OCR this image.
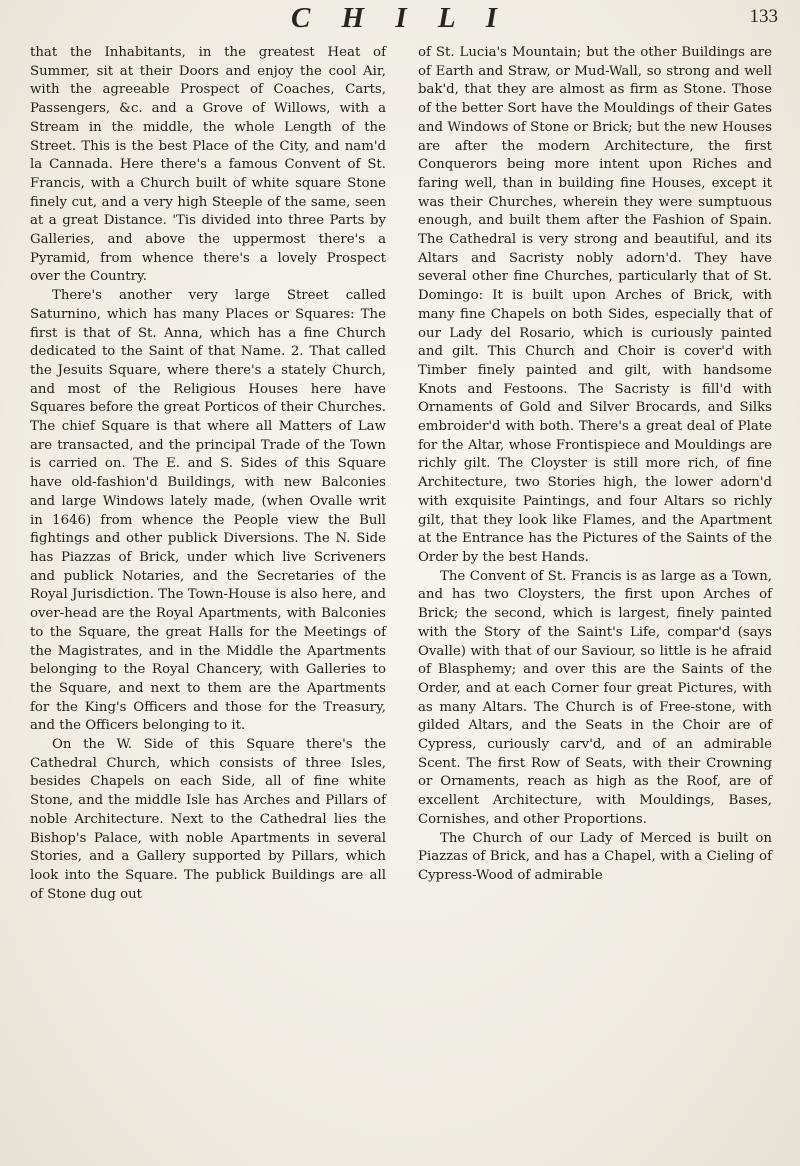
C H I L I	133

that the Inhabitants, in the greatest Heat of Summer, sit at their Doors and enjoy the cool Air, with the agreeable Prospect of Coaches, Carts, Passengers, &c. and a Grove of Willows, with a Stream in the middle, the whole Length of the Street. This is the best Place of the City, and nam'd la Cannada. Here there's a famous Convent of St. Francis, with a Church built of white square Stone finely cut, and a very high Steeple of the same, seen at a great Distance. 'Tis divided into three Parts by Galleries, and above the uppermost there's a Pyramid, from whence there's a lovely Prospect over the Country.

There's another very large Street called Saturnino, which has many Places or Squares: The first is that of St. Anna, which has a fine Church dedicated to the Saint of that Name. 2. That called the Jesuits Square, where there's a stately Church, and most of the Religious Houses here have Squares before the great Porticos of their Churches. The chief Square is that where all Matters of Law are transacted, and the principal Trade of the Town is carried on. The E. and S. Sides of this Square have old-fashion'd Buildings, with new Balconies and large Windows lately made, (when Ovalle writ in 1646) from whence the People view the Bull fightings and other publick Diversions. The N. Side has Piazzas of Brick, under which live Scriveners and publick Notaries, and the Secretaries of the Royal Jurisdiction. The Town-House is also here, and over-head are the Royal Apartments, with Balconies to the Square, the great Halls for the Meetings of the Magistrates, and in the Middle the Apartments belonging to the Royal Chancery, with Galleries to the Square, and next to them are the Apartments for the King's Officers and those for the Treasury, and the Officers belonging to it.

On the W. Side of this Square there's the Cathedral Church, which consists of three Isles, besides Chapels on each Side, all of fine white Stone, and the middle Isle has Arches and Pillars of noble Architecture. Next to the Cathedral lies the Bishop's Palace, with noble Apartments in several Stories, and a Gallery supported by Pillars, which look into the Square. The publick Buildings are all of Stone dug out

of St. Lucia's Mountain; but the other Buildings are of Earth and Straw, or Mud-Wall, so strong and well bak'd, that they are almost as firm as Stone. Those of the better Sort have the Mouldings of their Gates and Windows of Stone or Brick; but the new Houses are after the modern Architecture, the first Conquerors being more intent upon Riches and faring well, than in building fine Houses, except it was their Churches, wherein they were sumptuous enough, and built them after the Fashion of Spain. The Cathedral is very strong and beautiful, and its Altars and Sacristy nobly adorn'd. They have several other fine Churches, particularly that of St. Domingo: It is built upon Arches of Brick, with many fine Chapels on both Sides, especially that of our Lady del Rosario, which is curiously painted and gilt. This Church and Choir is cover'd with Timber finely painted and gilt, with handsome Knots and Festoons. The Sacristy is fill'd with Ornaments of Gold and Silver Brocards, and Silks embroider'd with both. There's a great deal of Plate for the Altar, whose Frontispiece and Mouldings are richly gilt. The Cloyster is still more rich, of fine Architecture, two Stories high, the lower adorn'd with exquisite Paintings, and four Altars so richly gilt, that they look like Flames, and the Apartment at the Entrance has the Pictures of the Saints of the Order by the best Hands.

The Convent of St. Francis is as large as a Town, and has two Cloysters, the first upon Arches of Brick; the second, which is largest, finely painted with the Story of the Saint's Life, compar'd (says Ovalle) with that of our Saviour, so little is he afraid of Blasphemy; and over this are the Saints of the Order, and at each Corner four great Pictures, with as many Altars. The Church is of Free-stone, with gilded Altars, and the Seats in the Choir are of Cypress, curiously carv'd, and of an admirable Scent. The first Row of Seats, with their Crowning or Ornaments, reach as high as the Roof, are of excellent Architecture, with Mouldings, Bases, Cornishes, and other Proportions.

The Church of our Lady of Merced is built on Piazzas of Brick, and has a Chapel, with a Cieling of Cypress-Wood of admirable
